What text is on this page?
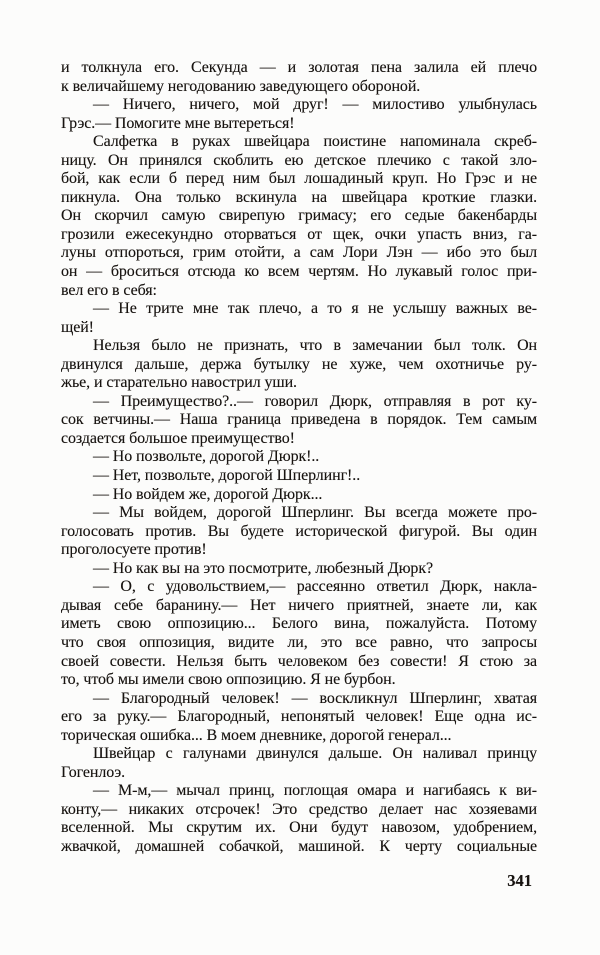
и толкнула его. Секунда — и золотая пена залила ей плечо
к величайшему негодованию заведующего обороной.
— Ничего, ничего, мой друг! — милостиво улыбнулась
Грэс.— Помогите мне вытереться!
Салфетка в руках швейцара поистине напоминала скреб-
ницу. Он принялся скоблить ею детское плечико с такой зло-
бой, как если б перед ним был лошадиный круп. Но Грэс и не
пикнула. Она только вскинула на швейцара кроткие глазки.
Он скорчил самую свирепую гримасу; его седые бакенбарды
грозили ежесекундно оторваться от щек, очки упасть вниз, га-
луны отпороться, грим отойти, а сам Лори Лэн — ибо это был
он — броситься отсюда ко всем чертям. Но лукавый голос при-
вел его в себя:
— Не трите мне так плечо, а то я не услышу важных ве-
щей!
Нельзя было не признать, что в замечании был толк. Он
двинулся дальше, держа бутылку не хуже, чем охотничье ру-
жье, и старательно навострил уши.
— Преимущество?..— говорил Дюрк, отправляя в рот ку-
сок ветчины.— Наша граница приведена в порядок. Тем самым
создается большое преимущество!
— Но позвольте, дорогой Дюрк!..
— Нет, позвольте, дорогой Шперлинг!..
— Но войдем же, дорогой Дюрк...
— Мы войдем, дорогой Шперлинг. Вы всегда можете про-
голосовать против. Вы будете исторической фигурой. Вы один
проголосуете против!
— Но как вы на это посмотрите, любезный Дюрк?
— О, с удовольствием,— рассеянно ответил Дюрк, накла-
дывая себе баранину.— Нет ничего приятней, знаете ли, как
иметь свою оппозицию... Белого вина, пожалуйста. Потому
что своя оппозиция, видите ли, это все равно, что запросы
своей совести. Нельзя быть человеком без совести! Я стою за
то, чтоб мы имели свою оппозицию. Я не бурбон.
— Благородный человек! — воскликнул Шперлинг, хватая
его за руку.— Благородный, непонятый человек! Еще одна ис-
торическая ошибка... В моем дневнике, дорогой генерал...
Швейцар с галунами двинулся дальше. Он наливал принцу
Гогенлоэ.
— М-м,— мычал принц, поглощая омара и нагибаясь к ви-
конту,— никаких отсрочек! Это средство делает нас хозяевами
вселенной. Мы скрутим их. Они будут навозом, удобрением,
жвачкой, домашней собачкой, машиной. К черту социальные
341
